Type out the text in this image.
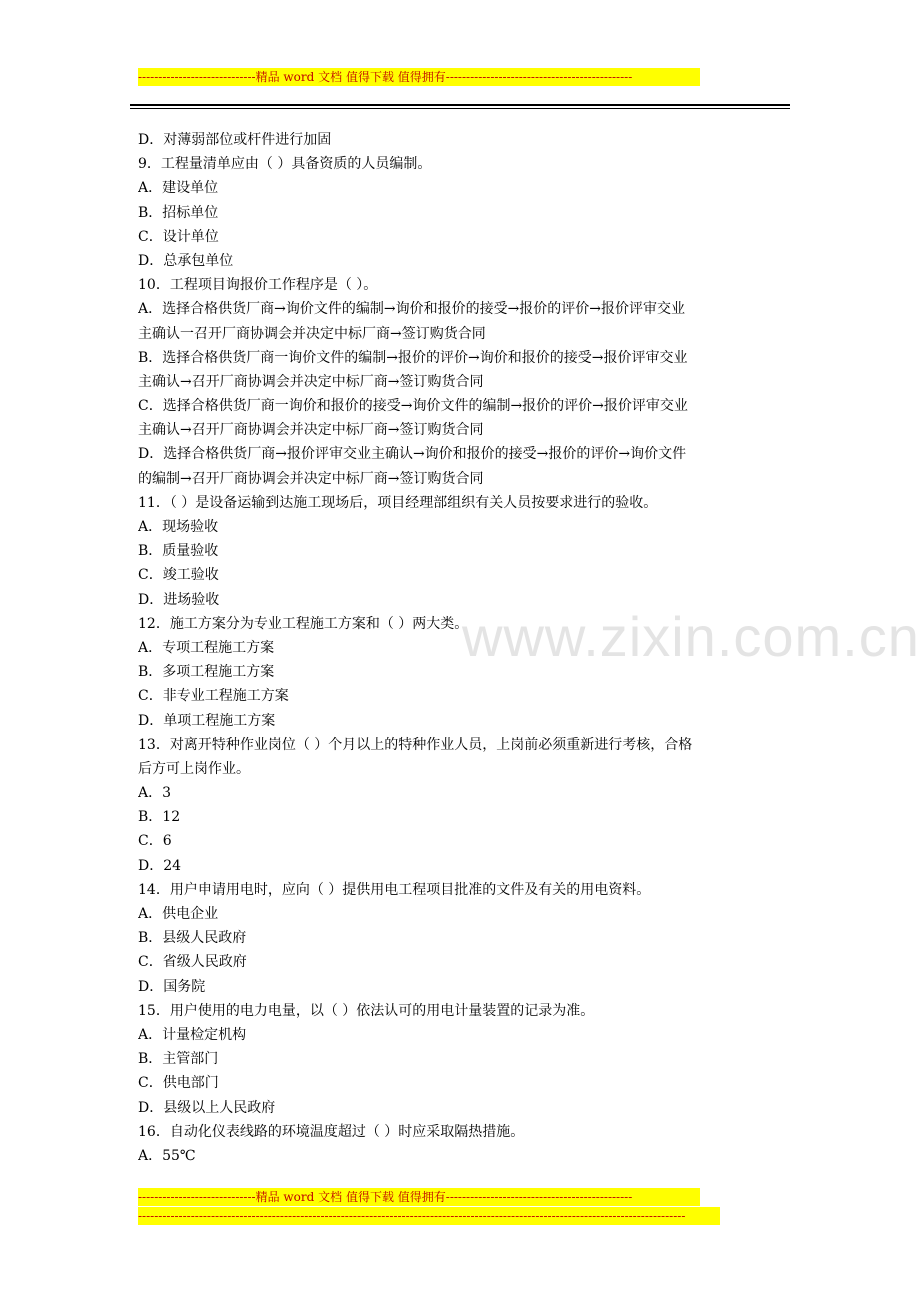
-----------------------------精品 word 文档 值得下载 值得拥有----------------------------------------------
www.zixin.com.cn
D．对薄弱部位或杆件进行加固
9．工程量清单应由（ ）具备资质的人员编制。
A．建设单位
B．招标单位
C．设计单位
D．总承包单位
10．工程项目询报价工作程序是（ ）。
A．选择合格供货厂商→询价文件的编制→询价和报价的接受→报价的评价→报价评审交业
主确认一召开厂商协调会并决定中标厂商→签订购货合同
B．选择合格供货厂商一询价文件的编制→报价的评价→询价和报价的接受→报价评审交业
主确认→召开厂商协调会并决定中标厂商→签订购货合同
C．选择合格供货厂商一询价和报价的接受→询价文件的编制→报价的评价→报价评审交业
主确认→召开厂商协调会并决定中标厂商→签订购货合同
D．选择合格供货厂商→报价评审交业主确认→询价和报价的接受→报价的评价→询价文件
的编制→召开厂商协调会并决定中标厂商→签订购货合同
11．（ ）是设备运输到达施工现场后，项目经理部组织有关人员按要求进行的验收。
A．现场验收
B．质量验收
C．竣工验收
D．进场验收
12．施工方案分为专业工程施工方案和（ ）两大类。
A．专项工程施工方案
B．多项工程施工方案
C．非专业工程施工方案
D．单项工程施工方案
13．对离开特种作业岗位（ ）个月以上的特种作业人员，上岗前必须重新进行考核，合格
后方可上岗作业。
A．3
B．12
C．6
D．24
14．用户申请用电时，应向（ ）提供用电工程项目批准的文件及有关的用电资料。
A．供电企业
B．县级人民政府
C．省级人民政府
D．国务院
15．用户使用的电力电量，以（ ）依法认可的用电计量装置的记录为准。
A．计量检定机构
B．主管部门
C．供电部门
D．县级以上人民政府
16．自动化仪表线路的环境温度超过（ ）时应采取隔热措施。
A．55℃
-----------------------------精品 word 文档 值得下载 值得拥有----------------------------------------------
---------------------------------------------------------------------------------------------------------------------------------------
